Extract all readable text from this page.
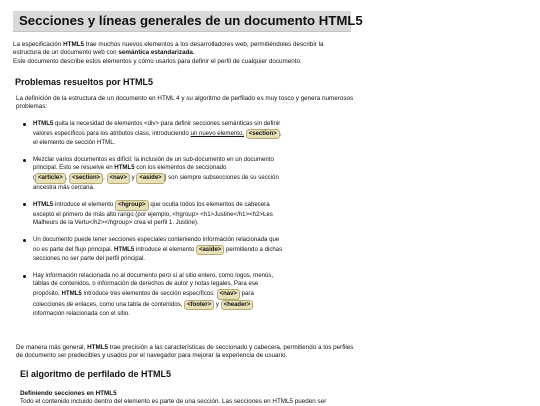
Secciones y líneas generales de un documento HTML5

La especificación HTML5 trae muchos nuevos elementos a los desarrolladores web, permitiéndoles describir la estructura de un documento web con semántica estandarizada.

Este documento describe estos elementos y cómo usarlos para definir el perfil de cualquier documento.

Problemas resueltos por HTML5

La definición de la estructura de un documento en HTML 4 y su algoritmo de perfilado es muy tosco y genera numerosos problemas:

HTML5 quita la necesidad de elementos <div> para definir secciones semánticas sin definir valores específicos para los atributos class, introduciendo un nuevo elemento, <section> , el elemento de sección HTML.
Mezclar varios documentos es difícil: la inclusión de un sub-documento en un documento principal. Esto se resuelve en HTML5 con los elementos de seccionado
( <article> , <section> , <nav> y <aside> ] son siempre subsecciones de su sección ancestra más cercana.
HTML5 introduce el elemento <hgroup> que oculta todos los elementos de cabecera excepto el primero de más alto rango (por ejemplo, <hgroup> <h1>Justine</h1><h2>Les Malheurs de la Vertu</h2></hgroup> crea el perfil 1. Justine).
Un documento puede tener secciones especiales conteniendo información relacionada que no es parte del flujo principal. HTML5 introduce el elemento <aside> permitiendo a dichas secciones no ser parte del perfil principal.
Hay información relacionada no al documento pero sí al sitio entero, como logos, menús, tablas de contenidos, o información de derechos de autor y notas legales. Para ese propósito, HTML5 introduce tres elementos de sección específicos: <nav> para colecciones de enlaces, como una tabla de contenidos, <footer> y <header> información relacionada con el sitio.

De manera más general, HTML5 trae precisión a las características de seccionado y cabecera, permitiendo a los perfiles de documento ser predecibles y usados por el navegador para mejorar la experiencia de usuario.

El algoritmo de perfilado de HTML5

Definiendo secciones en HTML5

Todo el contenido incluido dentro del elemento es parte de una sección. Las secciones en HTML5 pueden ser
